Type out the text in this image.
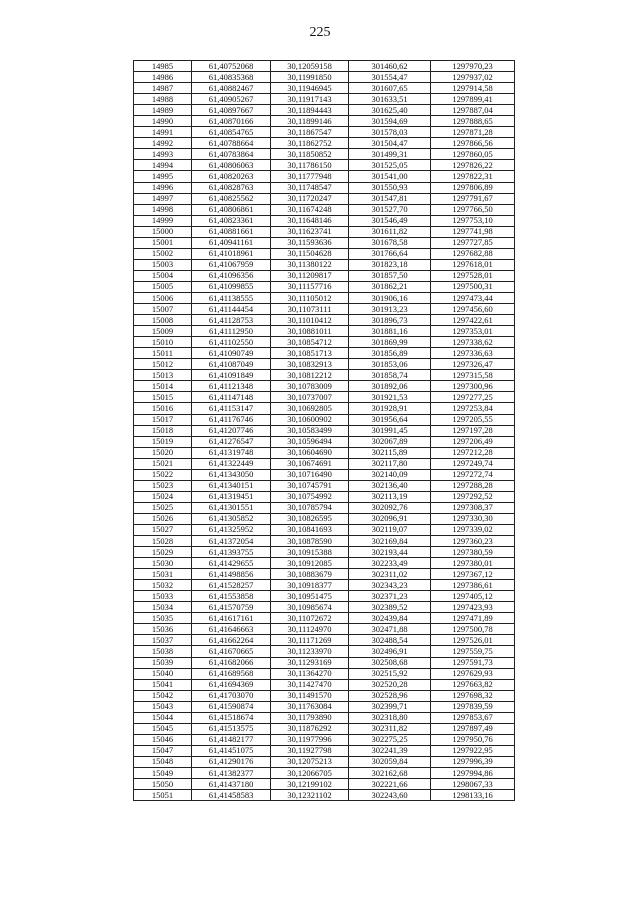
225
14985	61,40752068	30,12059158	301460,62	1297970,23
14986	61,40835368	30,11991850	301554,47	1297937,02
14987	61,40882467	30,11946945	301607,65	1297914,58
14988	61,40905267	30,11917143	301633,51	1297899,41
14989	61,40897667	30,11894443	301625,40	1297887,04
14990	61,40870166	30,11899146	301594,69	1297888,65
14991	61,40854765	30,11867547	301578,03	1297871,28
14992	61,40788664	30,11862752	301504,47	1297866,56
14993	61,40783864	30,11850852	301499,31	1297860,05
14994	61,40806063	30,11786150	301525,05	1297826,22
14995	61,40820263	30,11777948	301541,00	1297822,31
14996	61,40828763	30,11748547	301550,93	1297806,89
14997	61,40825562	30,11720247	301547,81	1297791,67
14998	61,40806861	30,11674248	301527,70	1297766,50
14999	61,40823361	30,11648146	301546,49	1297753,10
15000	61,40881661	30,11623741	301611,82	1297741,98
15001	61,40941161	30,11593636	301678,58	1297727,85
15002	61,41018961	30,11504628	301766,64	1297682,88
15003	61,41067959	30,11380122	301823,18	1297618,01
15004	61,41096356	30,11209817	301857,50	1297528,01
15005	61,41099855	30,11157716	301862,21	1297500,31
15006	61,41138555	30,11105012	301906,16	1297473,44
15007	61,41144454	30,11073111	301913,23	1297456,60
15008	61,41128753	30,11010412	301896,73	1297422,61
15009	61,41112950	30,10881011	301881,16	1297353,01
15010	61,41102550	30,10854712	301869,99	1297338,62
15011	61,41090749	30,10851713	301856,89	1297336,63
15012	61,41087049	30,10832913	301853,06	1297326,47
15013	61,41091849	30,10812212	301858,74	1297315,58
15014	61,41121348	30,10783009	301892,06	1297300,96
15015	61,41147148	30,10737007	301921,53	1297277,25
15016	61,41153147	30,10692805	301928,91	1297253,84
15017	61,41176746	30,10600902	301956,64	1297205,55
15018	61,41207746	30,10583499	301991,45	1297197,28
15019	61,41276547	30,10596494	302067,89	1297206,49
15020	61,41319748	30,10604690	302115,89	1297212,28
15021	61,41322449	30,10674691	302117,80	1297249,74
15022	61,41343050	30,10716490	302140,09	1297272,74
15023	61,41340151	30,10745791	302136,40	1297288,28
15024	61,41319451	30,10754992	302113,19	1297292,52
15025	61,41301551	30,10785794	302092,76	1297308,37
15026	61,41305852	30,10826595	302096,91	1297330,30
15027	61,41325952	30,10841693	302119,07	1297339,02
15028	61,41372054	30,10878590	302169,84	1297360,23
15029	61,41393755	30,10915388	302193,44	1297380,59
15030	61,41429655	30,10912085	302233,49	1297380,01
15031	61,41498856	30,10883679	302311,02	1297367,12
15032	61,41528257	30,10918377	302343,23	1297386,61
15033	61,41553858	30,10951475	302371,23	1297405,12
15034	61,41570759	30,10985674	302389,52	1297423,93
15035	61,41617161	30,11072672	302439,84	1297471,89
15036	61,41646663	30,11124970	302471,88	1297500,78
15037	61,41662264	30,11171269	302488,54	1297526,01
15038	61,41670665	30,11233970	302496,91	1297559,75
15039	61,41682066	30,11293169	302508,68	1297591,73
15040	61,41689568	30,11364270	302515,92	1297629,93
15041	61,41694369	30,11427470	302520,28	1297663,82
15042	61,41703070	30,11491570	302528,96	1297698,32
15043	61,41590874	30,11763084	302399,71	1297839,59
15044	61,41518674	30,11793890	302318,80	1297853,67
15045	61,41513575	30,11876292	302311,82	1297897,49
15046	61,41482177	30,11977996	302275,25	1297950,76
15047	61,41451075	30,11927798	302241,39	1297922,95
15048	61,41290176	30,12075213	302059,84	1297996,39
15049	61,41382377	30,12066705	302162,68	1297994,86
15050	61,41437180	30,12199102	302221,66	1298067,33
15051	61,41458583	30,12321102	302243,60	1298133,16
